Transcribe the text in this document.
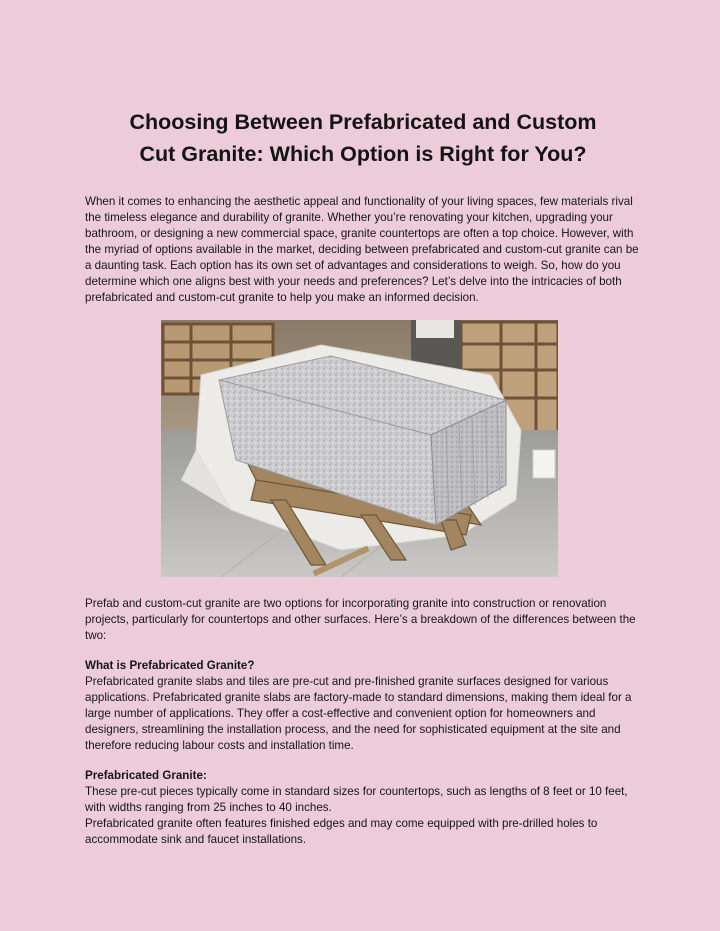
Choosing Between Prefabricated and Custom
Cut Granite: Which Option is Right for You?

When it comes to enhancing the aesthetic appeal and functionality of your living spaces, few materials rival the timeless elegance and durability of granite. Whether you’re renovating your kitchen, upgrading your bathroom, or designing a new commercial space, granite countertops are often a top choice. However, with the myriad of options available in the market, deciding between prefabricated and custom-cut granite can be a daunting task. Each option has its own set of advantages and considerations to weigh. So, how do you determine which one aligns best with your needs and preferences? Let’s delve into the intricacies of both prefabricated and custom-cut granite to help you make an informed decision.

Prefab and custom-cut granite are two options for incorporating granite into construction or renovation projects, particularly for countertops and other surfaces. Here’s a breakdown of the differences between the two:

What is Prefabricated Granite?

Prefabricated granite slabs and tiles are pre-cut and pre-finished granite surfaces designed for various applications. Prefabricated granite slabs are factory-made to standard dimensions, making them ideal for a large number of applications. They offer a cost-effective and convenient option for homeowners and designers, streamlining the installation process, and the need for sophisticated equipment at the site and therefore reducing labour costs and installation time.

Prefabricated Granite:

These pre-cut pieces typically come in standard sizes for countertops, such as lengths of 8 feet or 10 feet, with widths ranging from 25 inches to 40 inches.

Prefabricated granite often features finished edges and may come equipped with pre-drilled holes to accommodate sink and faucet installations.
